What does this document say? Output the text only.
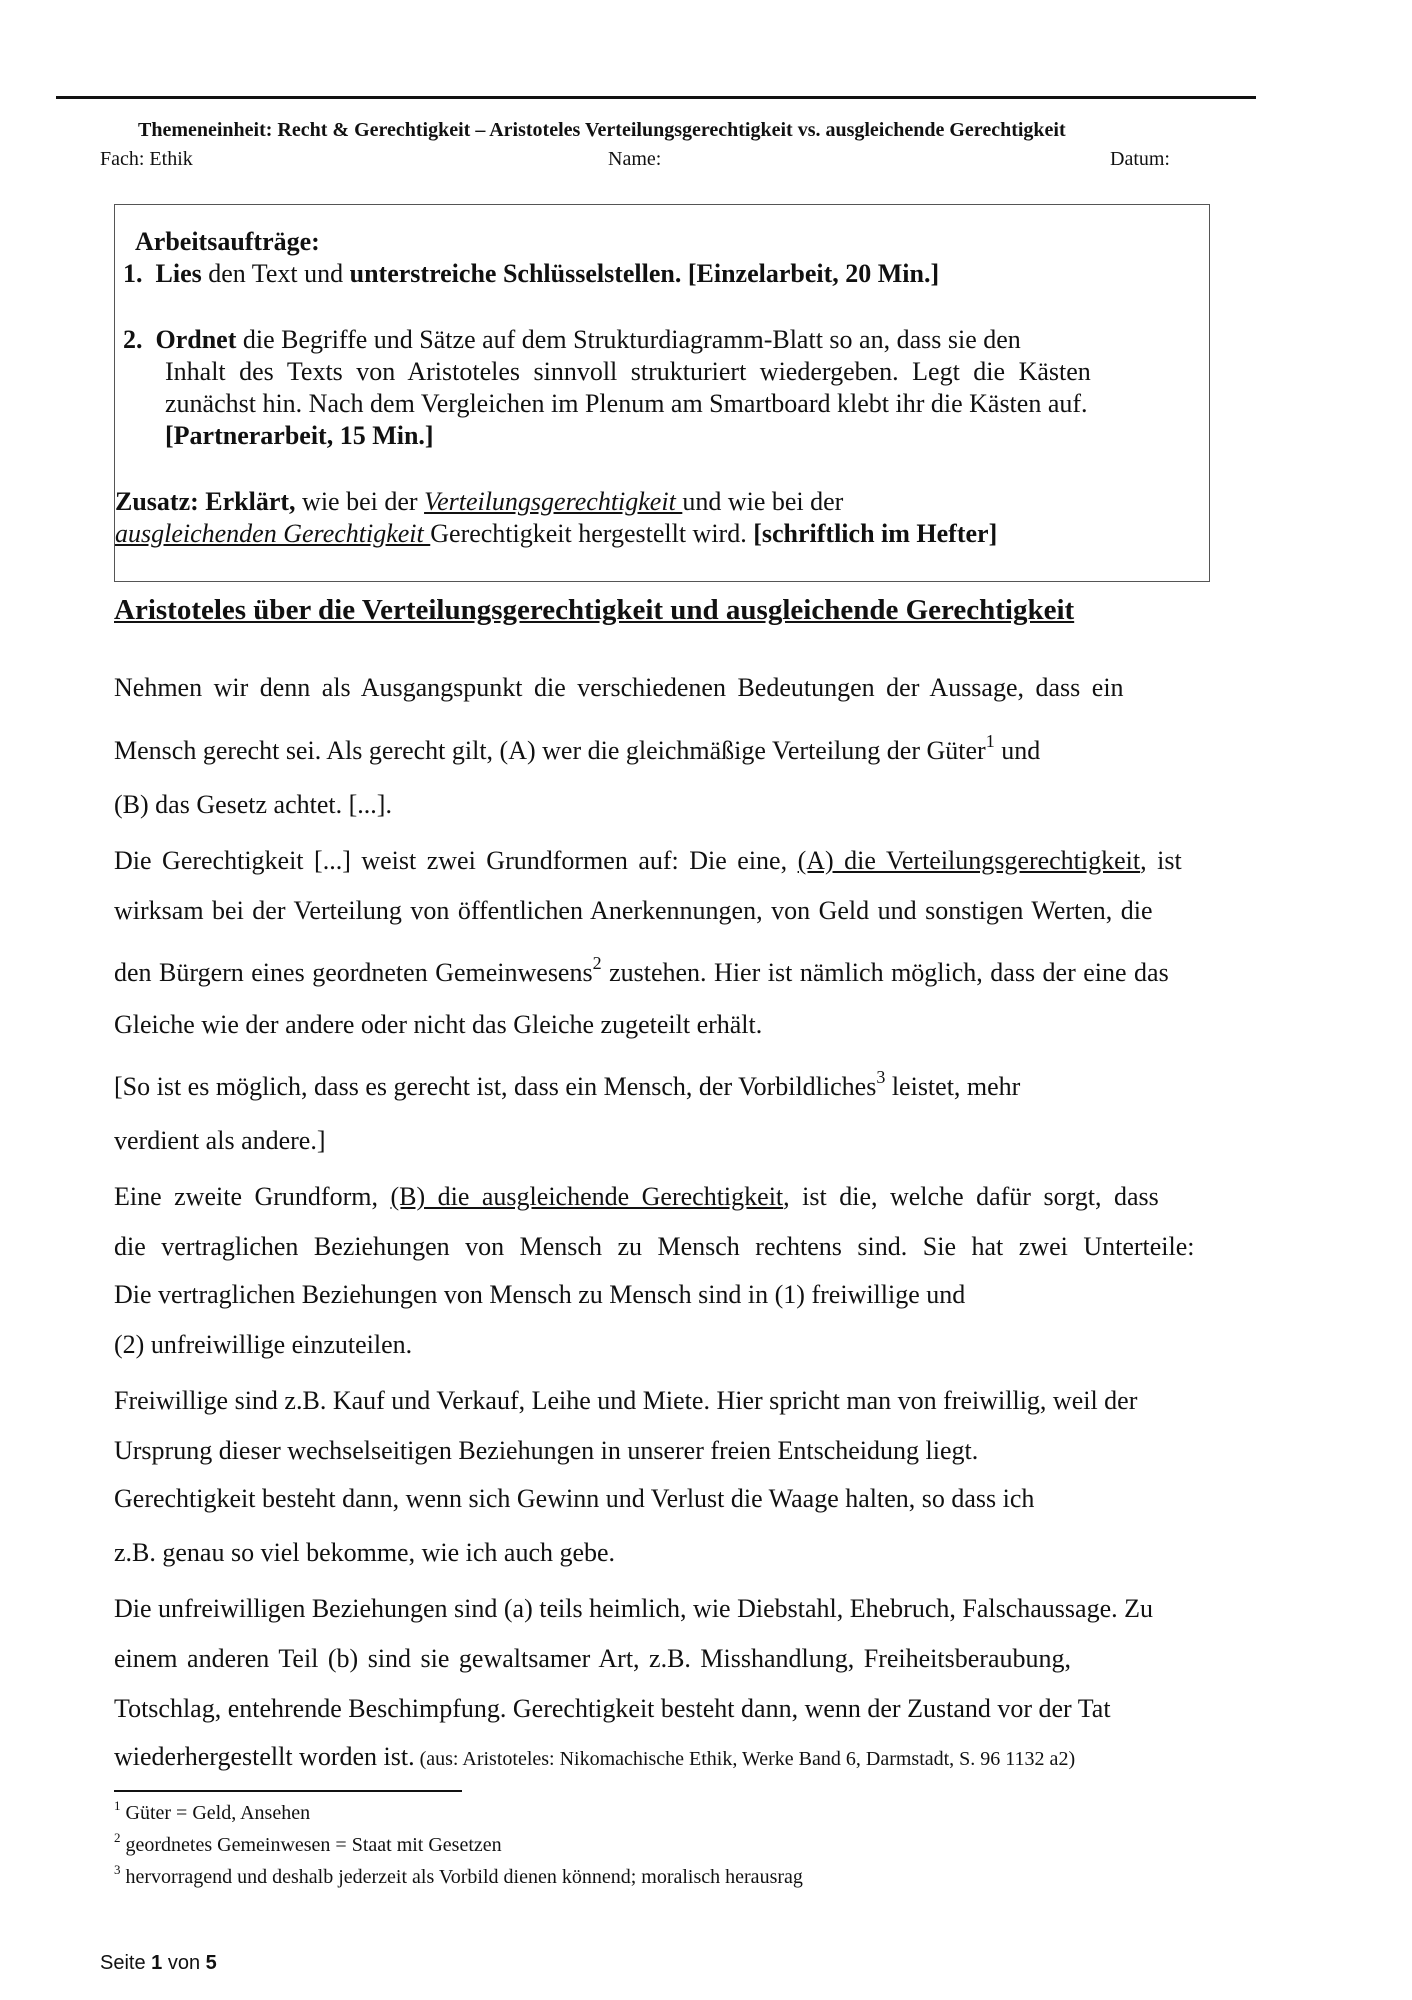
Themeneinheit: Recht & Gerechtigkeit – Aristoteles Verteilungsgerechtigkeit vs. ausgleichende Gerechtigkeit
Fach: Ethik	Name:	Datum:
Arbeitsaufträge:
1. Lies den Text und unterstreiche Schlüsselstellen. [Einzelarbeit, 20 Min.]
2. Ordnet die Begriffe und Sätze auf dem Strukturdiagramm-Blatt so an, dass sie den
Inhalt des Texts von Aristoteles sinnvoll strukturiert wiedergeben. Legt die Kästen
zunächst hin. Nach dem Vergleichen im Plenum am Smartboard klebt ihr die Kästen auf.
[Partnerarbeit, 15 Min.]
Zusatz: Erklärt, wie bei der Verteilungsgerechtigkeit und wie bei der
ausgleichenden Gerechtigkeit Gerechtigkeit hergestellt wird. [schriftlich im Hefter]
Aristoteles über die Verteilungsgerechtigkeit und ausgleichende Gerechtigkeit
Nehmen wir denn als Ausgangspunkt die verschiedenen Bedeutungen der Aussage, dass ein
Mensch gerecht sei. Als gerecht gilt, (A) wer die gleichmäßige Verteilung der Güter$^1$ und
(B) das Gesetz achtet. [...].
Die Gerechtigkeit [...] weist zwei Grundformen auf: Die eine, (A) die Verteilungsgerechtigkeit, ist
wirksam bei der Verteilung von öffentlichen Anerkennungen, von Geld und sonstigen Werten, die
den Bürgern eines geordneten Gemeinwesens$^2$ zustehen. Hier ist nämlich möglich, dass der eine das
Gleiche wie der andere oder nicht das Gleiche zugeteilt erhält.
[So ist es möglich, dass es gerecht ist, dass ein Mensch, der Vorbildliches$^3$ leistet, mehr
verdient als andere.]
Eine zweite Grundform, (B) die ausgleichende Gerechtigkeit, ist die, welche dafür sorgt, dass
die vertraglichen Beziehungen von Mensch zu Mensch rechtens sind. Sie hat zwei Unterteile:
Die vertraglichen Beziehungen von Mensch zu Mensch sind in (1) freiwillige und
(2) unfreiwillige einzuteilen.
Freiwillige sind z.B. Kauf und Verkauf, Leihe und Miete. Hier spricht man von freiwillig, weil der
Ursprung dieser wechselseitigen Beziehungen in unserer freien Entscheidung liegt.
Gerechtigkeit besteht dann, wenn sich Gewinn und Verlust die Waage halten, so dass ich
z.B. genau so viel bekomme, wie ich auch gebe.
Die unfreiwilligen Beziehungen sind (a) teils heimlich, wie Diebstahl, Ehebruch, Falschaussage. Zu
einem anderen Teil (b) sind sie gewaltsamer Art, z.B. Misshandlung, Freiheitsberaubung,
Totschlag, entehrende Beschimpfung. Gerechtigkeit besteht dann, wenn der Zustand vor der Tat
wiederhergestellt worden ist. (aus: Aristoteles: Nikomachische Ethik, Werke Band 6, Darmstadt, S. 96 1132 a2)
$^1$ Güter = Geld, Ansehen
$^2$ geordnetes Gemeinwesen = Staat mit Gesetzen
$^3$ hervorragend und deshalb jederzeit als Vorbild dienen könnend; moralisch herausrag
Seite 1 von 5
